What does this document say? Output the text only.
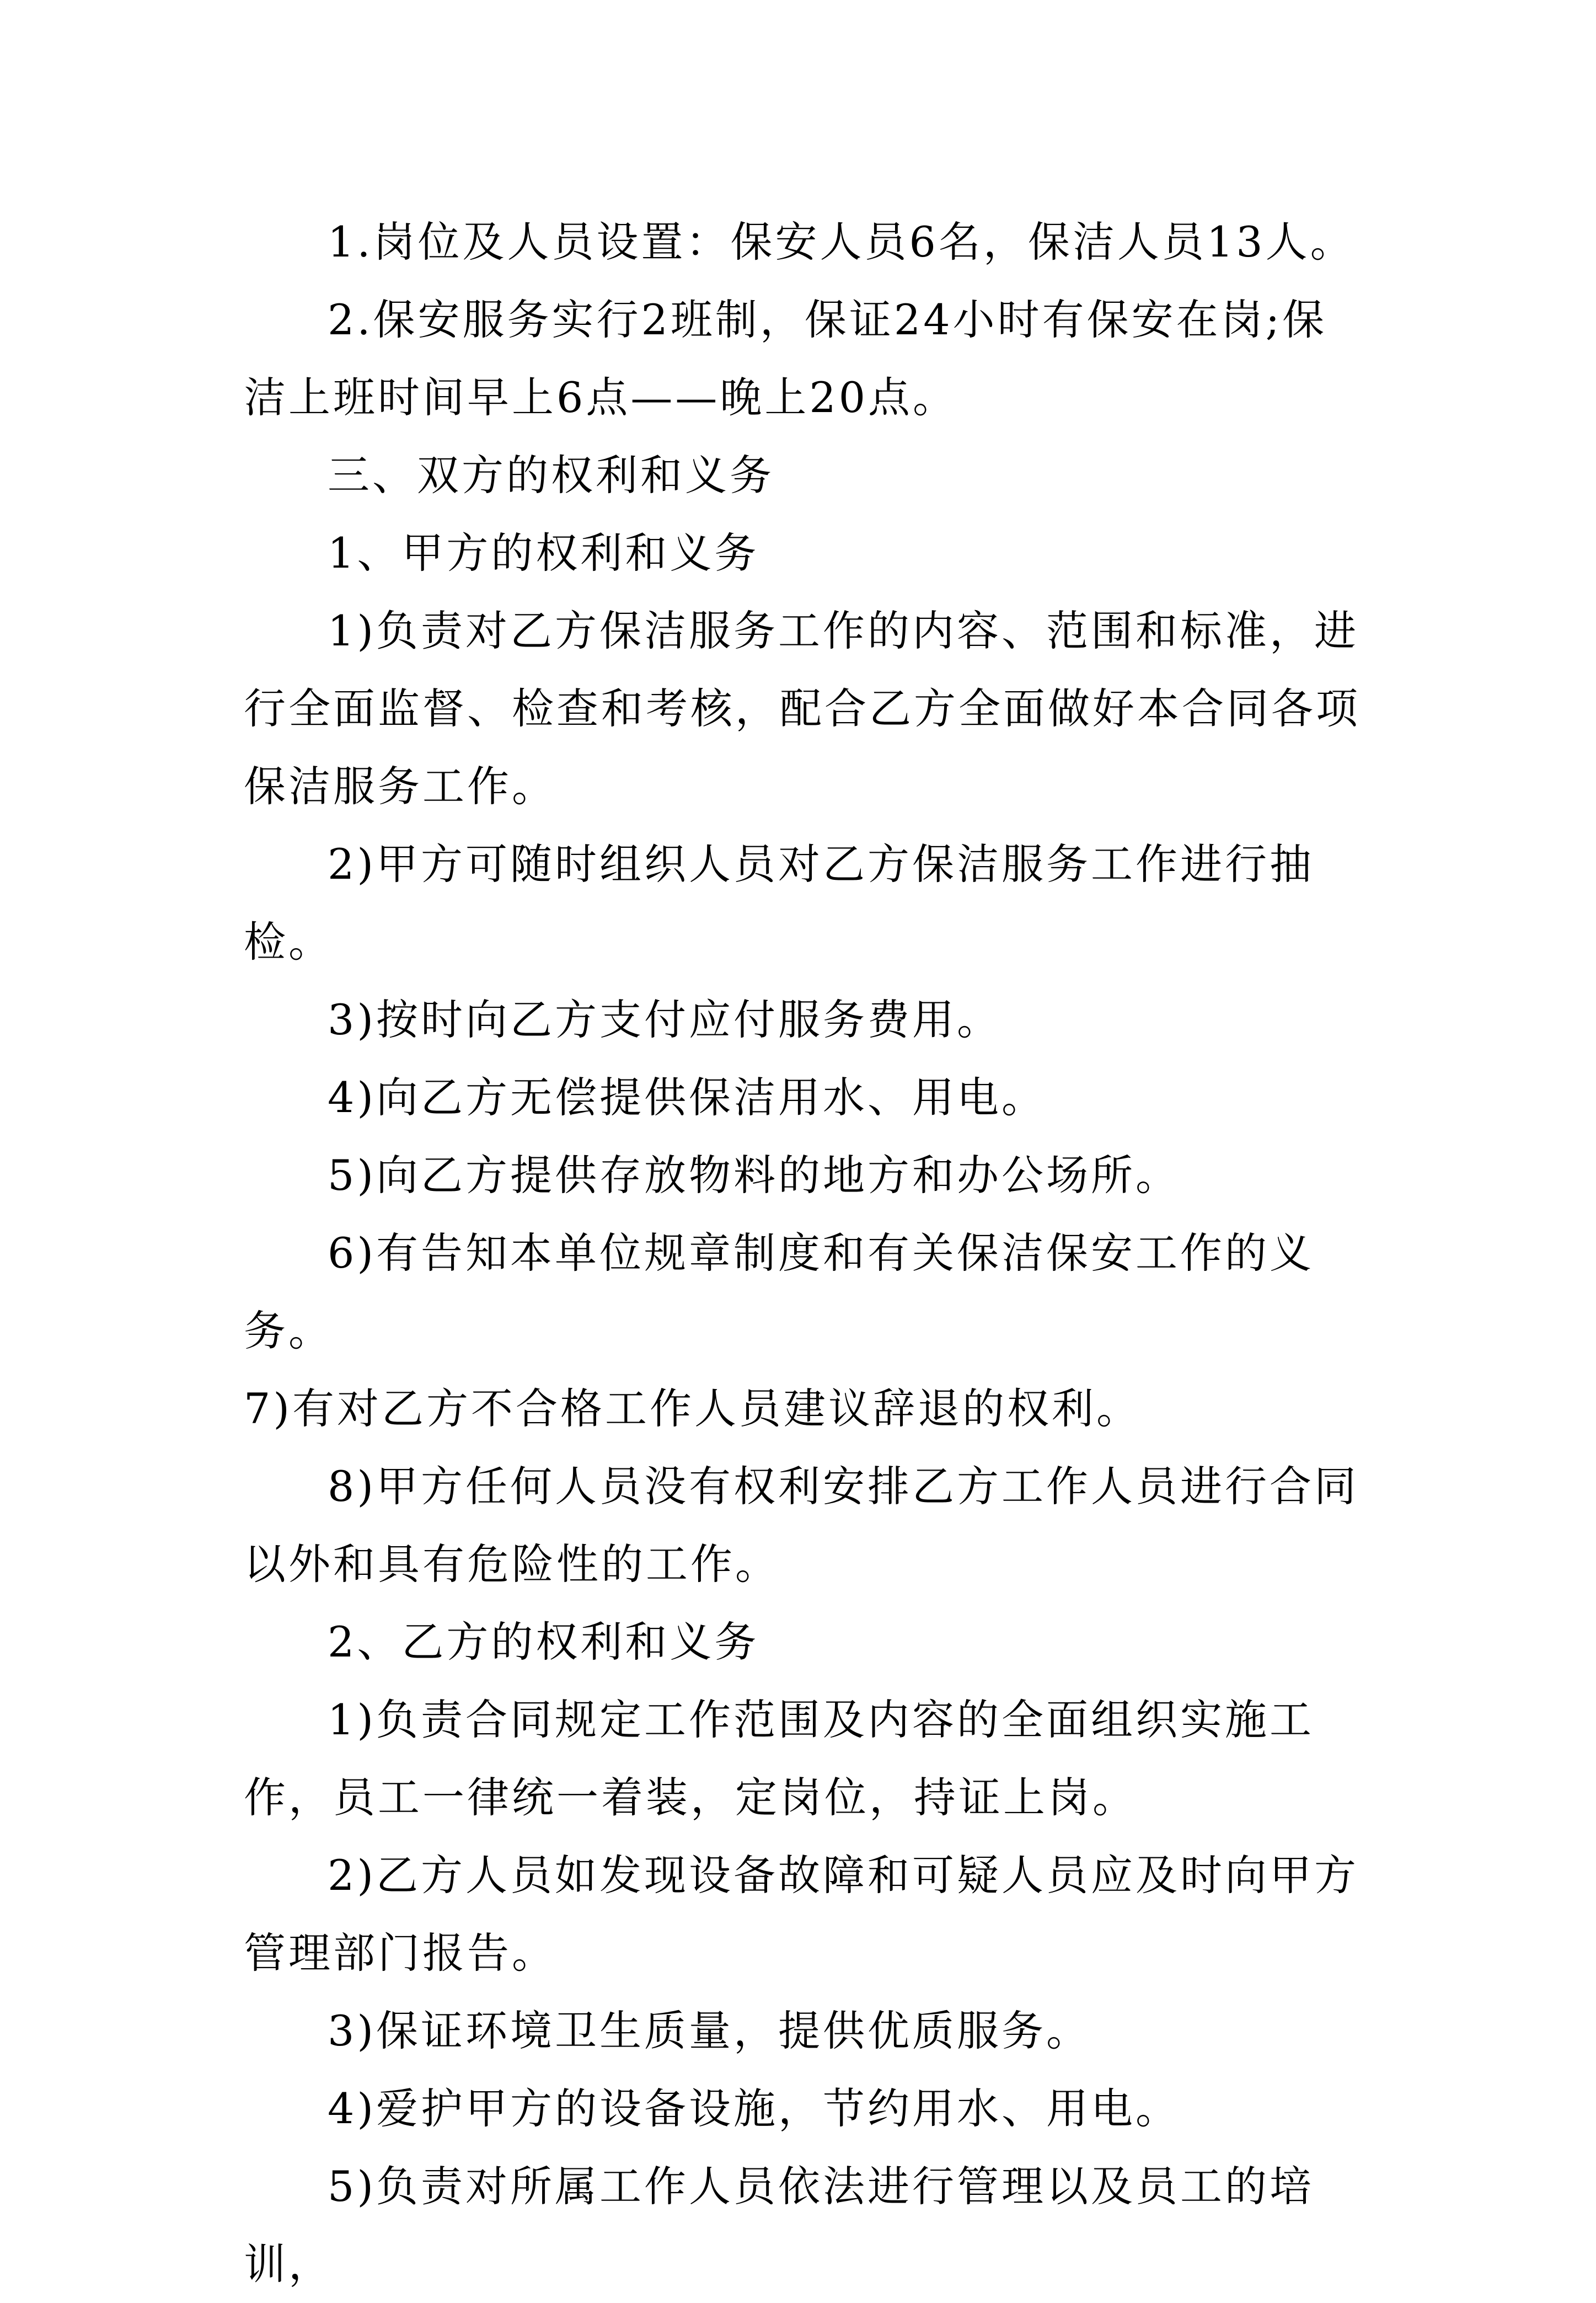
1.岗位及人员设置：保安人员6名，保洁人员13人。

2.保安服务实行2班制，保证24小时有保安在岗;保洁上班时间早上6点——晚上20点。

三、双方的权利和义务

1、甲方的权利和义务

1)负责对乙方保洁服务工作的内容、范围和标准，进行全面监督、检查和考核，配合乙方全面做好本合同各项保洁服务工作。

2)甲方可随时组织人员对乙方保洁服务工作进行抽检。

3)按时向乙方支付应付服务费用。

4)向乙方无偿提供保洁用水、用电。

5)向乙方提供存放物料的地方和办公场所。

6)有告知本单位规章制度和有关保洁保安工作的义务。

7)有对乙方不合格工作人员建议辞退的权利。

8)甲方任何人员没有权利安排乙方工作人员进行合同以外和具有危险性的工作。

2、乙方的权利和义务

1)负责合同规定工作范围及内容的全面组织实施工作，员工一律统一着装，定岗位，持证上岗。

2)乙方人员如发现设备故障和可疑人员应及时向甲方管理部门报告。

3)保证环境卫生质量，提供优质服务。

4)爱护甲方的设备设施，节约用水、用电。

5)负责对所属工作人员依法进行管理以及员工的培训，
